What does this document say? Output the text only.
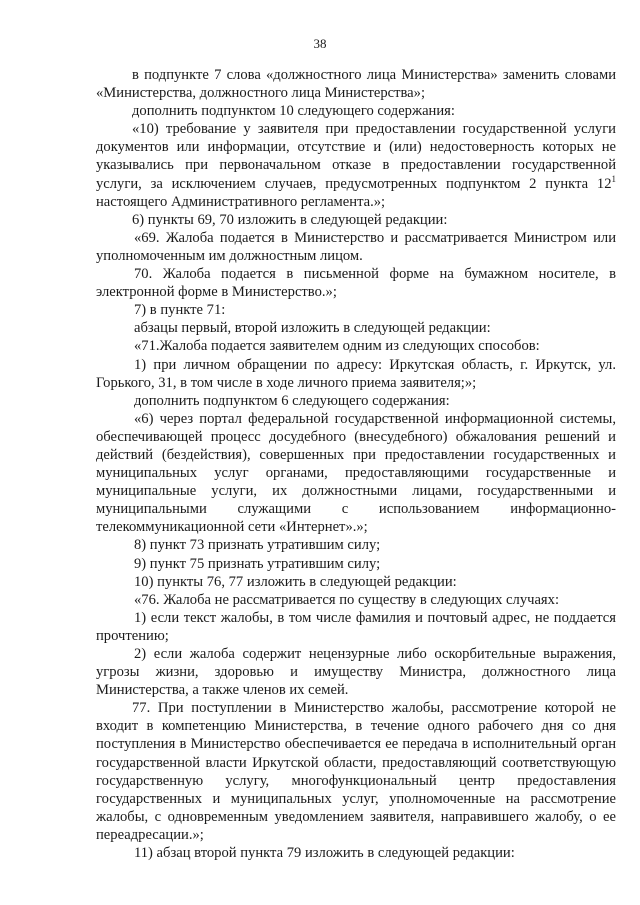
38

в подпункте 7 слова «должностного лица Министерства» заменить словами «Министерства, должностного лица Министерства»;

дополнить подпунктом 10 следующего содержания:

«10) требование у заявителя при предоставлении государственной услуги документов или информации, отсутствие и (или) недостоверность которых не указывались при первоначальном отказе в предоставлении государственной услуги, за исключением случаев, предусмотренных подпунктом 2 пункта $12^1$ настоящего Административного регламента.»;

6) пункты 69, 70 изложить в следующей редакции:

«69. Жалоба подается в Министерство и рассматривается Министром или уполномоченным им должностным лицом.

70. Жалоба подается в письменной форме на бумажном носителе, в электронной форме в Министерство.»;

7) в пункте 71:

абзацы первый, второй изложить в следующей редакции:

«71.Жалоба подается заявителем одним из следующих способов:

1) при личном обращении по адресу: Иркутская область, г. Иркутск, ул. Горького, 31, в том числе в ходе личного приема заявителя;»;

дополнить подпунктом 6 следующего содержания:

«6) через портал федеральной государственной информационной системы, обеспечивающей процесс досудебного (внесудебного) обжалования решений и действий (бездействия), совершенных при предоставлении государственных и муниципальных услуг органами, предоставляющими государственные и муниципальные услуги, их должностными лицами, государственными и муниципальными служащими с использованием информационно-телекоммуникационной сети «Интернет».»;

8) пункт 73 признать утратившим силу;

9) пункт 75 признать утратившим силу;

10) пункты 76, 77 изложить в следующей редакции:

«76. Жалоба не рассматривается по существу в следующих случаях:

1) если текст жалобы, в том числе фамилия и почтовый адрес, не поддается прочтению;

2) если жалоба содержит нецензурные либо оскорбительные выражения, угрозы жизни, здоровью и имуществу Министра, должностного лица Министерства, а также членов их семей.

77. При поступлении в Министерство жалобы, рассмотрение которой не входит в компетенцию Министерства, в течение одного рабочего дня со дня поступления в Министерство обеспечивается ее передача в исполнительный орган государственной власти Иркутской области, предоставляющий соответствующую государственную услугу, многофункциональный центр предоставления государственных и муниципальных услуг, уполномоченные на рассмотрение жалобы, с одновременным уведомлением заявителя, направившего жалобу, о ее переадресации.»;

11) абзац второй пункта 79 изложить в следующей редакции:
